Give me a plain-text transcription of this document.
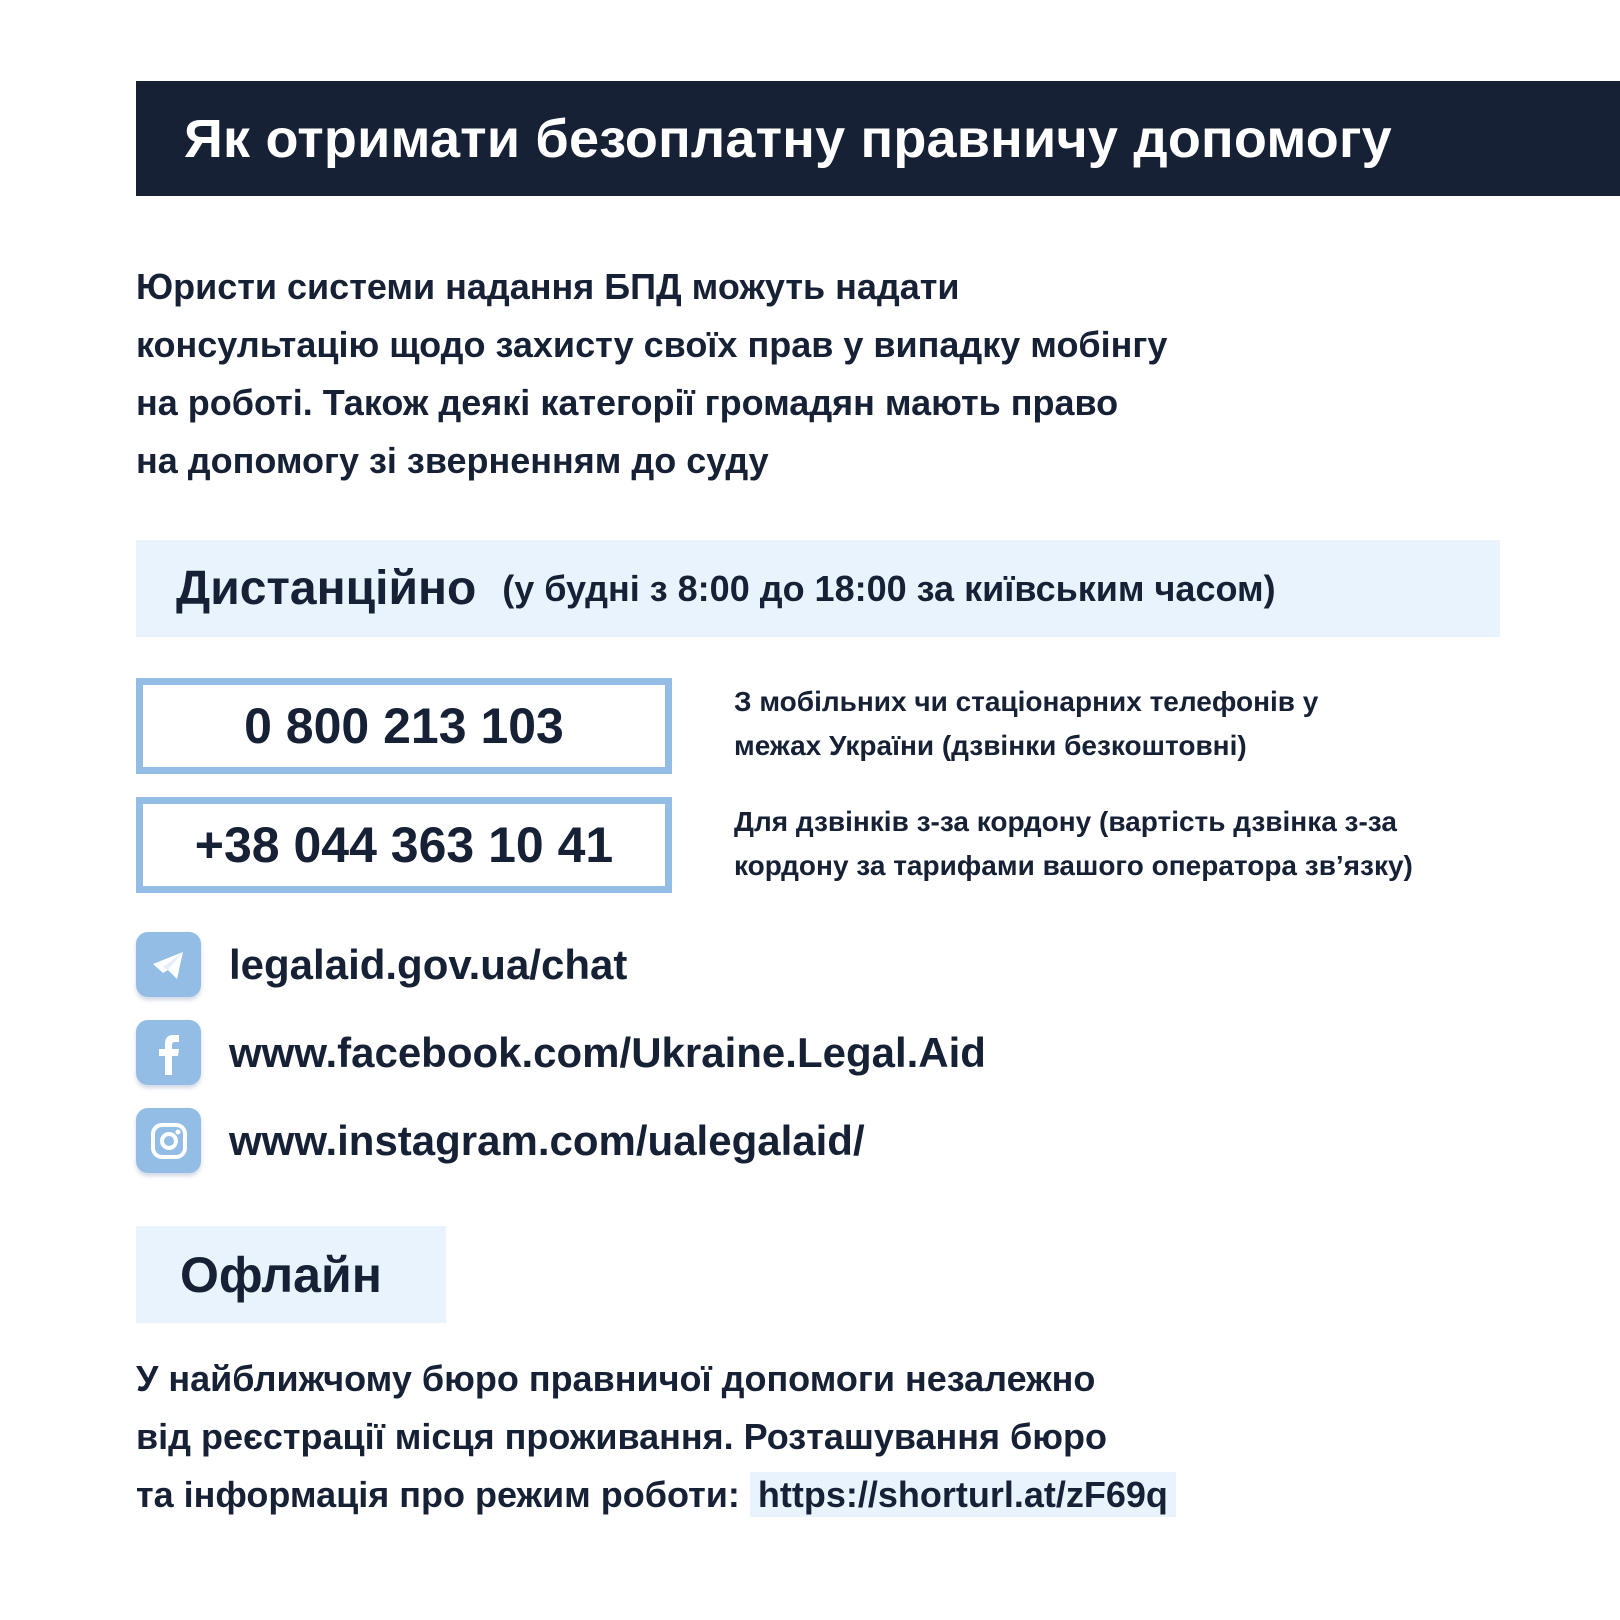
Як отримати безоплатну правничу допомогу
Юристи системи надання БПД можуть надати
консультацію щодо захисту своїх прав у випадку мобінгу
на роботі. Також деякі категорії громадян мають право
на допомогу зі зверненням до суду
Дистанційно (у будні з 8:00 до 18:00 за київським часом)
0 800 213 103	З мобільних чи стаціонарних телефонів у
межах України (дзвінки безкоштовні)
+38 044 363 10 41	Для дзвінків з-за кордону (вартість дзвінка з-за
кордону за тарифами вашого оператора зв’язку)
legalaid.gov.ua/chat
www.facebook.com/Ukraine.Legal.Aid
www.instagram.com/ualegalaid/
Офлайн
У найближчому бюро правничої допомоги незалежно
від реєстрації місця проживання. Розташування бюро
та інформація про режим роботи: https://shorturl.at/zF69q
